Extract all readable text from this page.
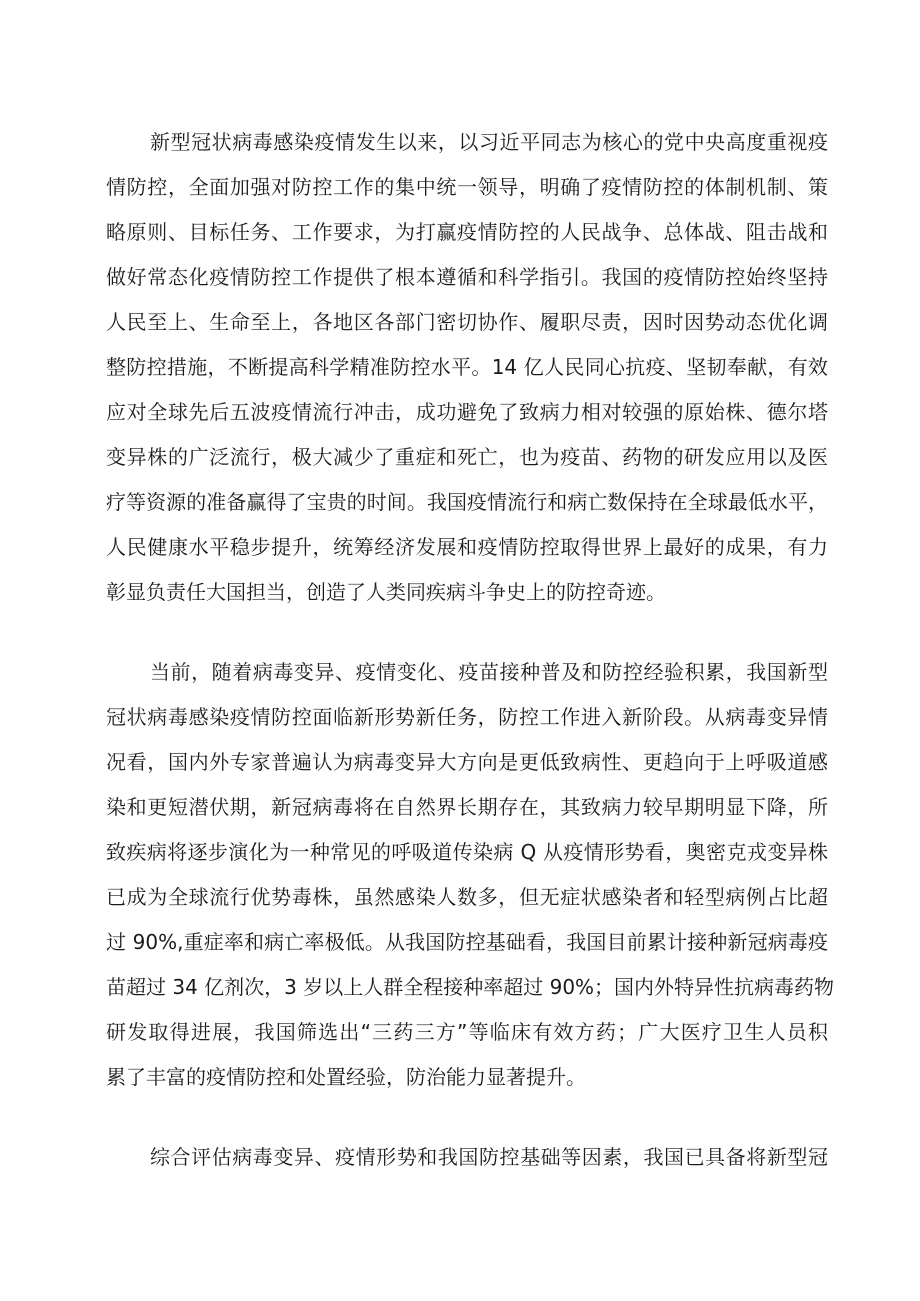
新型冠状病毒感染疫情发生以来，以习近平同志为核心的党中央高度重视疫
情防控，全面加强对防控工作的集中统一领导，明确了疫情防控的体制机制、策
略原则、目标任务、工作要求，为打赢疫情防控的人民战争、总体战、阻击战和
做好常态化疫情防控工作提供了根本遵循和科学指引。我国的疫情防控始终坚持
人民至上、生命至上，各地区各部门密切协作、履职尽责，因时因势动态优化调
整防控措施，不断提高科学精准防控水平。14 亿人民同心抗疫、坚韧奉献，有效
应对全球先后五波疫情流行冲击，成功避免了致病力相对较强的原始株、德尔塔
变异株的广泛流行，极大减少了重症和死亡，也为疫苗、药物的研发应用以及医
疗等资源的准备赢得了宝贵的时间。我国疫情流行和病亡数保持在全球最低水平，
人民健康水平稳步提升，统筹经济发展和疫情防控取得世界上最好的成果，有力
彰显负责任大国担当，创造了人类同疾病斗争史上的防控奇迹。
当前，随着病毒变异、疫情变化、疫苗接种普及和防控经验积累，我国新型
冠状病毒感染疫情防控面临新形势新任务，防控工作进入新阶段。从病毒变异情
况看，国内外专家普遍认为病毒变异大方向是更低致病性、更趋向于上呼吸道感
染和更短潜伏期，新冠病毒将在自然界长期存在，其致病力较早期明显下降，所
致疾病将逐步演化为一种常见的呼吸道传染病 Q 从疫情形势看，奥密克戎变异株
已成为全球流行优势毒株，虽然感染人数多，但无症状感染者和轻型病例占比超
过 90%,重症率和病亡率极低。从我国防控基础看，我国目前累计接种新冠病毒疫
苗超过 34 亿剂次，3 岁以上人群全程接种率超过 90%；国内外特异性抗病毒药物
研发取得进展，我国筛选出“三药三方”等临床有效方药；广大医疗卫生人员积
累了丰富的疫情防控和处置经验，防治能力显著提升。
综合评估病毒变异、疫情形势和我国防控基础等因素，我国已具备将新型冠
